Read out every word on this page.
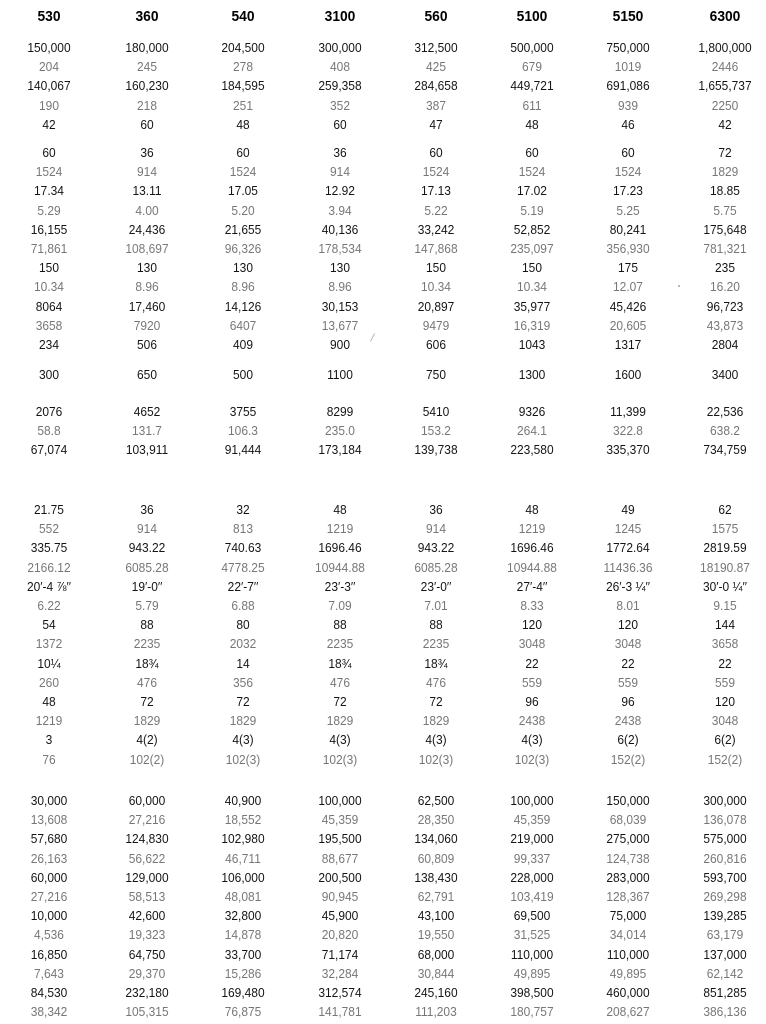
530	360	540	3100	560	5100	5150	6300
150,000	180,000	204,500	300,000	312,500	500,000	750,000	1,800,000
204	245	278	408	425	679	1019	2446
140,067	160,230	184,595	259,358	284,658	449,721	691,086	1,655,737
190	218	251	352	387	611	939	2250
42	60	48	60	47	48	46	42
60	36	60	36	60	60	60	72
1524	914	1524	914	1524	1524	1524	1829
17.34	13.11	17.05	12.92	17.13	17.02	17.23	18.85
5.29	4.00	5.20	3.94	5.22	5.19	5.25	5.75
16,155	24,436	21,655	40,136	33,242	52,852	80,241	175,648
71,861	108,697	96,326	178,534	147,868	235,097	356,930	781,321
150	130	130	130	150	150	175	235
10.34	8.96	8.96	8.96	10.34	10.34	12.07	16.20
8064	17,460	14,126	30,153	20,897	35,977	45,426	96,723
3658	7920	6407	13,677	9479	16,319	20,605	43,873
234	506	409	900	606	1043	1317	2804
300	650	500	1100	750	1300	1600	3400
2076	4652	3755	8299	5410	9326	11,399	22,536
58.8	131.7	106.3	235.0	153.2	264.1	322.8	638.2
67,074	103,911	91,444	173,184	139,738	223,580	335,370	734,759
21.75	36	32	48	36	48	49	62
552	914	813	1219	914	1219	1245	1575
335.75	943.22	740.63	1696.46	943.22	1696.46	1772.64	2819.59
2166.12	6085.28	4778.25	10944.88	6085.28	10944.88	11436.36	18190.87
20′-4 ⅞′′	19′-0′′	22′-7′′	23′-3′′	23′-0′′	27′-4′′	26′-3 ¼′′	30′-0 ¼′′
6.22	5.79	6.88	7.09	7.01	8.33	8.01	9.15
54	88	80	88	88	120	120	144
1372	2235	2032	2235	2235	3048	3048	3658
10¼	18¾	14	18¾	18¾	22	22	22
260	476	356	476	476	559	559	559
48	72	72	72	72	96	96	120
1219	1829	1829	1829	1829	2438	2438	3048
3	4(2)	4(3)	4(3)	4(3)	4(3)	6(2)	6(2)
76	102(2)	102(3)	102(3)	102(3)	102(3)	152(2)	152(2)
30,000	60,000	40,900	100,000	62,500	100,000	150,000	300,000
13,608	27,216	18,552	45,359	28,350	45,359	68,039	136,078
57,680	124,830	102,980	195,500	134,060	219,000	275,000	575,000
26,163	56,622	46,711	88,677	60,809	99,337	124,738	260,816
60,000	129,000	106,000	200,500	138,430	228,000	283,000	593,700
27,216	58,513	48,081	90,945	62,791	103,419	128,367	269,298
10,000	42,600	32,800	45,900	43,100	69,500	75,000	139,285
4,536	19,323	14,878	20,820	19,550	31,525	34,014	63,179
16,850	64,750	33,700	71,174	68,000	110,000	110,000	137,000
7,643	29,370	15,286	32,284	30,844	49,895	49,895	62,142
84,530	232,180	169,480	312,574	245,160	398,500	460,000	851,285
38,342	105,315	76,875	141,781	111,203	180,757	208,627	386,136
